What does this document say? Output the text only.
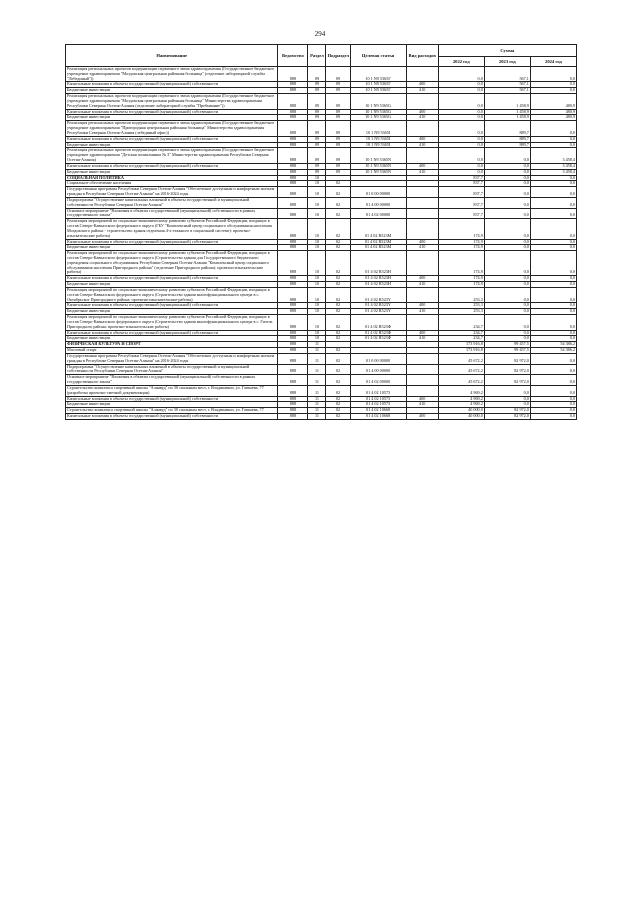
294
Наименование	Ведомство	Раздел	Подраздел	Целевая статья	Вид расходов	Сумма		
						2022 год	2023 год	2024 год
Реализация региональных проектов модернизации первичного звена здравоохранения (Государственное бюджетное учреждение здравоохранения "Моздокская центральная районная больница" (отделение лабораторной службы "Лебединый"))	888	09	09	10 1 N9 5365Г		0,0	567,1	0,0
Капитальные вложения в объекты государственной (муниципальной) собственности	888	09	09	10 1 N9 5365Г	400	0,0	567,1	0,0
Бюджетные инвестиции	888	09	09	10 1 N9 5365Г	410	0,0	567,1	0,0
Реализация региональных проектов модернизации первичного звена здравоохранения (Государственное бюджетное учреждение здравоохранения "Моздокская центральная районная больница" Министерства здравоохранения Республики Северная Осетия-Алания (отделение лабораторной службы "Пребывание"))	888	09	09	10 1 N9 5365G		0,0	1 458,9	480,9
Капитальные вложения в объекты государственной (муниципальной) собственности	888	09	09	10 1 N9 5365G	400	0,0	1 458,9	480,9
Бюджетные инвестиции	888	09	09	10 1 N9 5365G	410	0,0	1 458,9	480,9
Реализация региональных проектов модернизации первичного звена здравоохранения (Государственное бюджетное учреждение здравоохранения "Пригородная центральная районная больница" Министерства здравоохранения Республики Северная Осетия-Алания (лебединый офис))	888	09	09	10 1 N9 5365I		0,0	889,7	0,0
Капитальные вложения в объекты государственной (муниципальной) собственности	888	09	09	10 1 N9 5365I	400	0,0	889,7	0,0
Бюджетные инвестиции	888	09	09	10 1 N9 5365I	410	0,0	889,7	0,0
Реализация региональных проектов модернизации первичного звена здравоохранения (Государственное бюджетное учреждение здравоохранения "Детская поликлиника № 3" Министерства здравоохранения Республики Северная Осетия-Алания)	888	09	09	10 1 N9 5365N		0,0	0,0	3 458,4
Капитальные вложения в объекты государственной (муниципальной) собственности	888	09	09	10 1 N9 5365N	400	0,0	0,0	3 458,4
Бюджетные инвестиции	888	09	09	10 1 N9 5365N	410	0,0	0,0	3 458,4
СОЦИАЛЬНАЯ ПОЛИТИКА	888	10				837,7	0,0	0,0
Социальное обеспечение населения	888	10	02			837,7	0,0	0,0
Государственная программа Республики Северная Осетия-Алания "Обеспечение доступным и комфортным жильем граждан в Республике Северная Осетия-Алания" на 2016-2024 годы	888	10	02	01 0 00 00000		837,7	0,0	0,0
Подпрограмма "Осуществление капитальных вложений в объекты государственной и муниципальной собственности Республики Северная Осетия-Алания"	888	10	02	01 4 00 00000		837,7	0,0	0,0
Основное мероприятие "Вложения в объекты государственной (муниципальной) собственности в рамках государственного заказа"	888	10	02	01 4 02 00000		837,7	0,0	0,0
Реализация мероприятий по социально-экономическому развитию субъектов Российской Федерации, входящих в состав Северо-Кавказского федерального округа (ГБУ "Комплексный центр социального обслуживания населения Моздокского района - строительство здания отделения 4-х-этажного в социальной системе): проектно-изыскательские работы)	888	10	02	01 4 02 R523M		174,9	0,0	0,0
Капитальные вложения в объекты государственной (муниципальной) собственности	888	10	02	01 4 02 R523M	400	174,9	0,0	0,0
Бюджетные инвестиции	888	10	02	01 4 02 R523M	410	174,9	0,0	0,0
Реализация мероприятий по социально-экономическому развитию субъектов Российской Федерации, входящих в состав Северо-Кавказского федерального округа (Строительство здания для Государственного бюджетного учреждения социального обслуживания Республики Северная Осетия-Алания "Комплексный центр социального обслуживания населения Пригородного района" (отделение Пригородного района): проектно-изыскательские работы)	888	10	02	01 4 02 R523H		174,9	0,0	0,0
Капитальные вложения в объекты государственной (муниципальной) собственности	888	10	02	01 4 02 R523H	400	174,9	0,0	0,0
Бюджетные инвестиции	888	10	02	01 4 02 R523H	410	174,9	0,0	0,0
Реализация мероприятий по социально-экономическому развитию субъектов Российской Федерации, входящих в состав Северо-Кавказского федерального округа (Строительство здания многофункционального центра в с. Октябрьское Пригородного района: проектно-изыскательские работы)	888	10	02	01 4 02 R523Y		253,3	0,0	0,0
Капитальные вложения в объекты государственной (муниципальной) собственности	888	10	02	01 4 02 R523Y	400	253,3	0,0	0,0
Бюджетные инвестиции	888	10	02	01 4 02 R523Y	410	253,3	0,0	0,0
Реализация мероприятий по социально-экономическому развитию субъектов Российской Федерации, входящих в состав Северо-Кавказского федерального округа (Строительство здания многофункционального центра в с. Гизель Пригородного района: проектно-изыскательские работы)	888	10	02	01 4 02 R523Ф		234,7	0,0	0,0
Капитальные вложения в объекты государственной (муниципальной) собственности	888	10	02	01 4 02 R523Ф	400	234,7	0,0	0,0
Бюджетные инвестиции	888	10	02	01 4 02 R523Ф	410	234,7	0,0	0,0
ФИЗИЧЕСКАЯ КУЛЬТУРА И СПОРТ	888	11				173 916,8	99 457,5	54 386,2
Массовый спорт	888	11	02			173 916,8	99 457,5	54 386,2
Государственная программа Республики Северная Осетия-Алания "Обеспечение доступным и комфортным жильем граждан в Республике Северная Осетия-Алания" на 2016-2024 годы	888	11	02	01 0 00 00000		45 672,2	82 972,0	0,0
Подпрограмма "Осуществление капитальных вложений в объекты государственной и муниципальной собственности Республики Северная Осетия-Алания"	888	11	02	01 4 00 00000		45 672,2	82 972,0	0,0
Основное мероприятие "Вложения в объекты государственной (муниципальной) собственности в рамках государственного заказа"	888	11	02	01 4 02 00000		45 672,2	82 972,0	0,0
Строительство комплекса спортивной школы "Аланвуд" по 30 спальным мест, г. Владикавказ, ул. Гапкаева, 77 (разработка проектно-сметной документации)	888	11	02	01 4 02 10573		4 969,2	0,0	0,0
Капитальные вложения в объекты государственной (муниципальной) собственности	888	11	02	01 4 02 10573	400	4 969,2	0,0	0,0
Бюджетные инвестиции	888	11	02	01 4 02 10573	410	4 969,2	0,0	0,0
Строительство комплекса спортивной школы "Аланвуд" по 30 спальным мест, г. Владикавказ, ул. Гапкаева, 77	888	11	02	01 4 02 10668		40 000,0	82 972,0	0,0
Капитальные вложения в объекты государственной (муниципальной) собственности	888	11	02	01 4 02 10668	400	40 000,0	82 972,0	0,0
